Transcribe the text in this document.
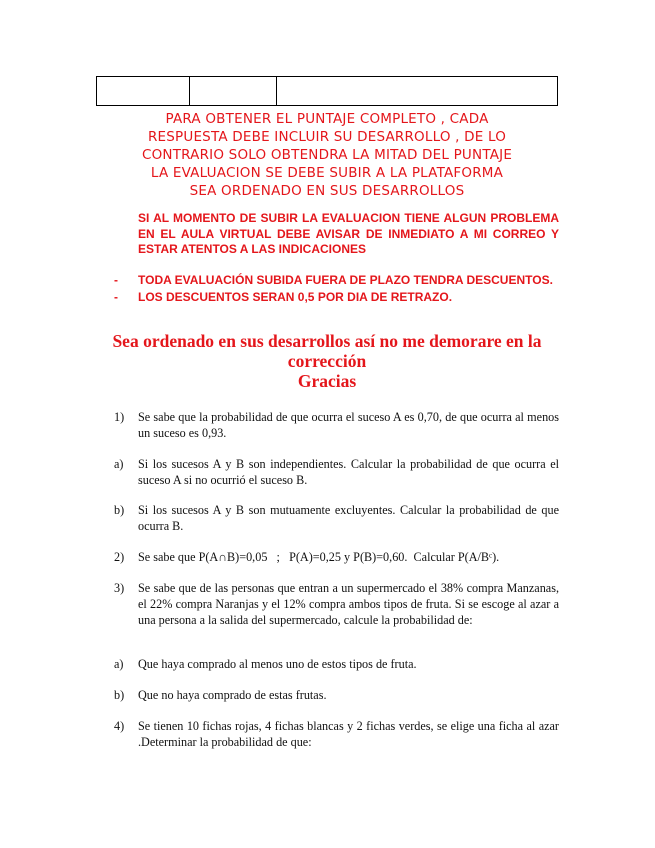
PARA OBTENER EL PUNTAJE COMPLETO , CADA

RESPUESTA DEBE INCLUIR SU DESARROLLO , DE LO

CONTRARIO SOLO OBTENDRA LA MITAD DEL PUNTAJE

LA EVALUACION SE DEBE SUBIR A LA PLATAFORMA

SEA ORDENADO EN SUS DESARROLLOS

SI AL MOMENTO DE SUBIR LA EVALUACION TIENE ALGUN PROBLEMA EN EL AULA VIRTUAL DEBE AVISAR DE INMEDIATO A MI CORREO Y ESTAR ATENTOS A LAS INDICACIONES

- TODA EVALUACIÓN SUBIDA FUERA DE PLAZO TENDRA DESCUENTOS.
- LOS DESCUENTOS SERAN 0,5 POR DIA DE RETRAZO.
Sea ordenado en sus desarrollos así no me demorare en la
corrección
Gracias
1) Se sabe que la probabilidad de que ocurra el suceso A es 0,70, de que ocurra al menos un suceso es 0,93.
a) Si los sucesos A y B son independientes. Calcular la probabilidad de que ocurra el suceso A si no ocurrió el suceso B.
b) Si los sucesos A y B son mutuamente excluyentes. Calcular la probabilidad de que ocurra B.
2) Se sabe que P(A∩B)=0,05   ;   P(A)=0,25 y P(B)=0,60.  Calcular P(A/Bᶜ).
3) Se sabe que de las personas que entran a un supermercado el 38% compra Manzanas, el 22% compra Naranjas y el 12% compra ambos tipos de fruta. Si se escoge al azar a una persona a la salida del supermercado, calcule la probabilidad de:
a) Que haya comprado al menos uno de estos tipos de fruta.
b) Que no haya comprado de estas frutas.
4) Se tienen 10 fichas rojas, 4 fichas blancas y 2 fichas verdes, se elige una ficha al azar .Determinar la probabilidad de que:
